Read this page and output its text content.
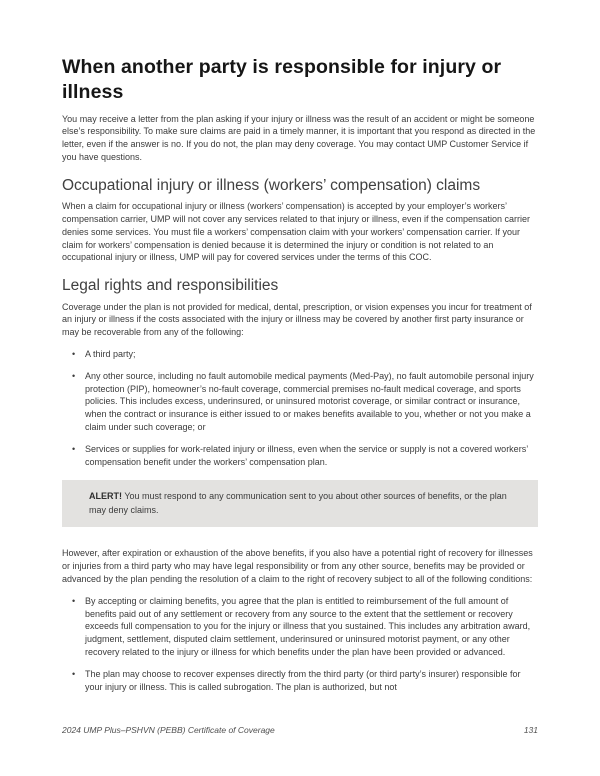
When another party is responsible for injury or illness

You may receive a letter from the plan asking if your injury or illness was the result of an accident or might be someone else’s responsibility. To make sure claims are paid in a timely manner, it is important that you respond as directed in the letter, even if the answer is no. If you do not, the plan may deny coverage. You may contact UMP Customer Service if you have questions.

Occupational injury or illness (workers’ compensation) claims

When a claim for occupational injury or illness (workers’ compensation) is accepted by your employer’s workers’ compensation carrier, UMP will not cover any services related to that injury or illness, even if the compensation carrier denies some services. You must file a workers’ compensation claim with your workers’ compensation carrier. If your claim for workers’ compensation is denied because it is determined the injury or condition is not related to an occupational injury or illness, UMP will pay for covered services under the terms of this COC.

Legal rights and responsibilities

Coverage under the plan is not provided for medical, dental, prescription, or vision expenses you incur for treatment of an injury or illness if the costs associated with the injury or illness may be covered by another first party insurance or may be recoverable from any of the following:

•
A third party;
•
Any other source, including no fault automobile medical payments (Med-Pay), no fault automobile personal injury protection (PIP), homeowner’s no-fault coverage, commercial premises no-fault medical coverage, and sports policies. This includes excess, underinsured, or uninsured motorist coverage, or similar contract or insurance, when the contract or insurance is either issued to or makes benefits available to you, whether or not you make a claim under such coverage; or
•
Services or supplies for work-related injury or illness, even when the service or supply is not a covered workers’ compensation benefit under the workers’ compensation plan.
ALERT! You must respond to any communication sent to you about other sources of benefits, or the plan may deny claims.

However, after expiration or exhaustion of the above benefits, if you also have a potential right of recovery for illnesses or injuries from a third party who may have legal responsibility or from any other source, benefits may be provided or advanced by the plan pending the resolution of a claim to the right of recovery subject to all of the following conditions:

•
By accepting or claiming benefits, you agree that the plan is entitled to reimbursement of the full amount of benefits paid out of any settlement or recovery from any source to the extent that the settlement or recovery exceeds full compensation to you for the injury or illness that you sustained. This includes any arbitration award, judgment, settlement, disputed claim settlement, underinsured or uninsured motorist payment, or any other recovery related to the injury or illness for which benefits under the plan have been provided or advanced.
•
The plan may choose to recover expenses directly from the third party (or third party’s insurer) responsible for your injury or illness. This is called subrogation. The plan is authorized, but not
2024 UMP Plus–PSHVN (PEBB) Certificate of Coverage	131
